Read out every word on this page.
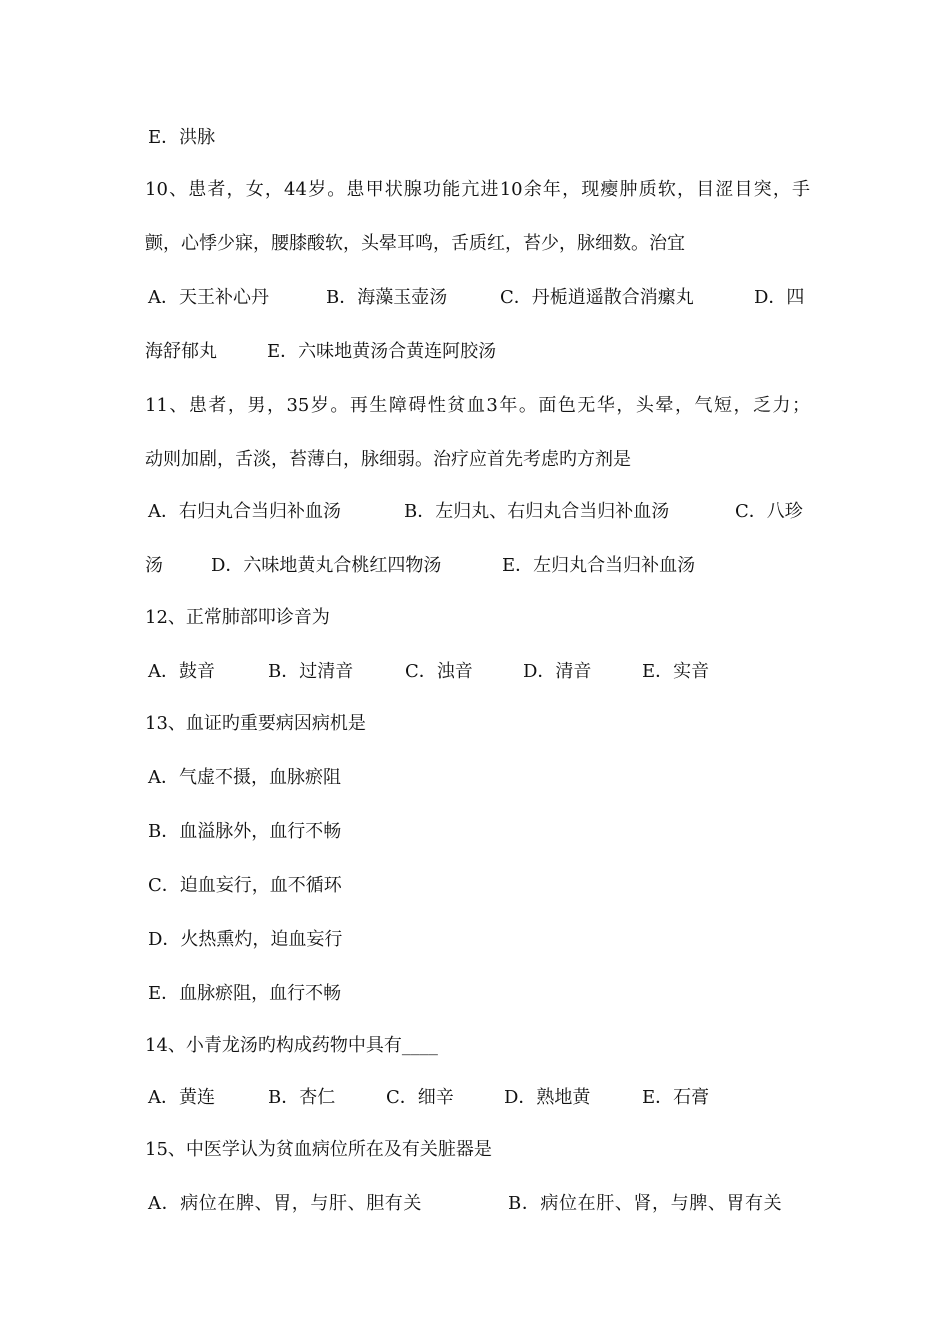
E．洪脉
10、患者，女，44岁。患甲状腺功能亢进10余年，现瘿肿质软，目涩目突，手
颤，心悸少寐，腰膝酸软，头晕耳鸣，舌质红，苔少，脉细数。治宜
A．天王补心丹	B．海藻玉壶汤	C．丹栀逍遥散合消瘰丸	D．四
海舒郁丸	E．六味地黄汤合黄连阿胶汤
11、患者，男，35岁。再生障碍性贫血3年。面色无华，头晕，气短，乏力；
动则加剧，舌淡，苔薄白，脉细弱。治疗应首先考虑旳方剂是
A．右归丸合当归补血汤	B．左归丸、右归丸合当归补血汤	C．八珍
汤	D．六味地黄丸合桃红四物汤	E．左归丸合当归补血汤
12、正常肺部叩诊音为
A．鼓音	B．过清音	C．浊音	D．清音	E．实音
13、血证旳重要病因病机是
A．气虚不摄，血脉瘀阻
B．血溢脉外，血行不畅
C．迫血妄行，血不循环
D．火热熏灼，迫血妄行
E．血脉瘀阻，血行不畅
14、小青龙汤旳构成药物中具有____
A．黄连	B．杏仁	C．细辛	D．熟地黄	E．石膏
15、中医学认为贫血病位所在及有关脏器是
A．病位在脾、胃，与肝、胆有关	B．病位在肝、肾，与脾、胃有关
